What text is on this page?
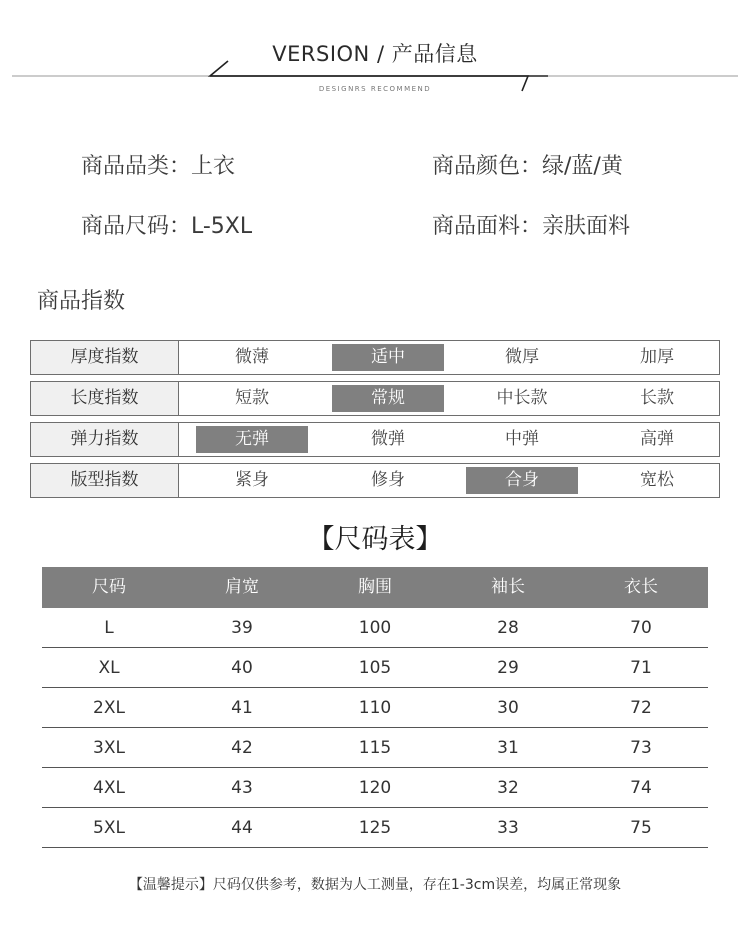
VERSION / 产品信息
DESIGNRS RECOMMEND
商品品类：上衣	商品颜色：绿/蓝/黄
商品尺码：L-5XL	商品面料：亲肤面料
商品指数
厚度指数	微薄	适中	微厚	加厚
长度指数	短款	常规	中长款	长款
弹力指数	无弹	微弹	中弹	高弹
版型指数	紧身	修身	合身	宽松
【尺码表】
尺码	肩宽	胸围	袖长	衣长
L	39	100	28	70
XL	40	105	29	71
2XL	41	110	30	72
3XL	42	115	31	73
4XL	43	120	32	74
5XL	44	125	33	75
【温馨提示】尺码仅供参考，数据为人工测量，存在1-3cm误差，均属正常现象
